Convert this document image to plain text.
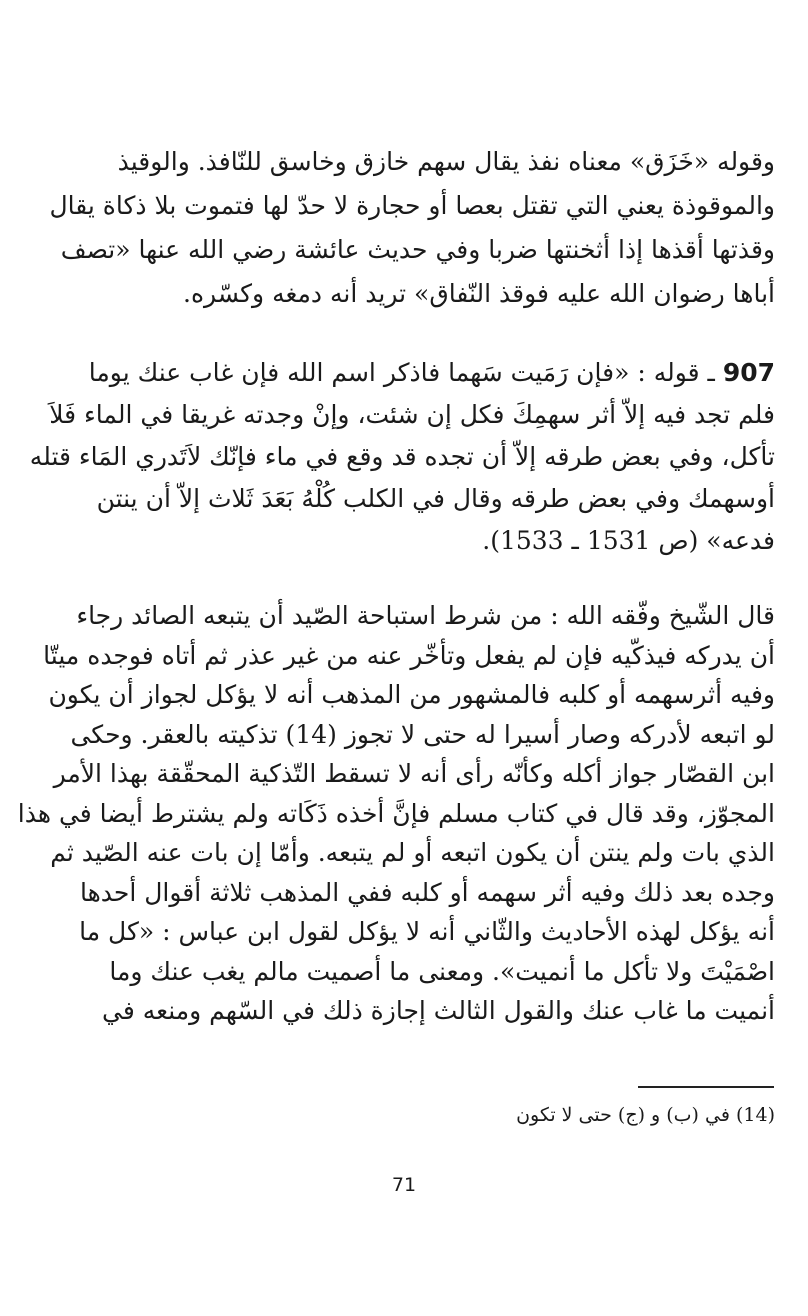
وقوله «خَزَق» معناه نفذ يقال سهم خازق وخاسق للنّافذ. والوقيذ
والموقوذة يعني التي تقتل بعصا أو حجارة لا حدّ لها فتموت بلا ذكاة يقال
وقذتها أقذها إذا أثخنتها ضربا وفي حديث عائشة رضي الله عنها «تصف
أباها رضوان الله عليه فوقذ النّفاق» تريد أنه دمغه وكسّره.
907 ـ قوله : «فإن رَمَيت سَهما فاذكر اسم الله فإن غاب عنك يوما
فلم تجد فيه إلاّ أثر سهمِكَ فكل إن شئت، وإنْ وجدته غريقا في الماء فَلاَ
تأكل، وفي بعض طرقه إلاّ أن تجده قد وقع في ماء فإنّك لاَتَدري المَاء قتله
أوسهمك وفي بعض طرقه وقال في الكلب كُلْهُ بَعَدَ ثَلاث إلاّ أن ينتن
فدعه» (ص 1531 ـ 1533).
قال الشّيخ وفّقه الله : من شرط استباحة الصّيد أن يتبعه الصائد رجاء
أن يدركه فيذكّيه فإن لم يفعل وتأخّر عنه من غير عذر ثم أتاه فوجده ميتّا
وفيه أثرسهمه أو كلبه فالمشهور من المذهب أنه لا يؤكل لجواز أن يكون
لو اتبعه لأدركه وصار أسيرا له حتى لا تجوز (14) تذكيته بالعقر. وحكى
ابن القصّار جواز أكله وكأنّه رأى أنه لا تسقط التّذكية المحقّقة بهذا الأمر
المجوّز، وقد قال في كتاب مسلم فإنَّ أخذه ذَكَاته ولم يشترط أيضا في هذا
الذي بات ولم ينتن أن يكون اتبعه أو لم يتبعه. وأمّا إن بات عنه الصّيد ثم
وجده بعد ذلك وفيه أثر سهمه أو كلبه ففي المذهب ثلاثة أقوال أحدها
أنه يؤكل لهذه الأحاديث والثّاني أنه لا يؤكل لقول ابن عباس : «كل ما
اصْمَيْتَ ولا تأكل ما أنميت». ومعنى ما أصميت مالم يغب عنك وما
أنميت ما غاب عنك والقول الثالث إجازة ذلك في السّهم ومنعه في
(14) في (ب) و (ج) حتى لا تكون
71
